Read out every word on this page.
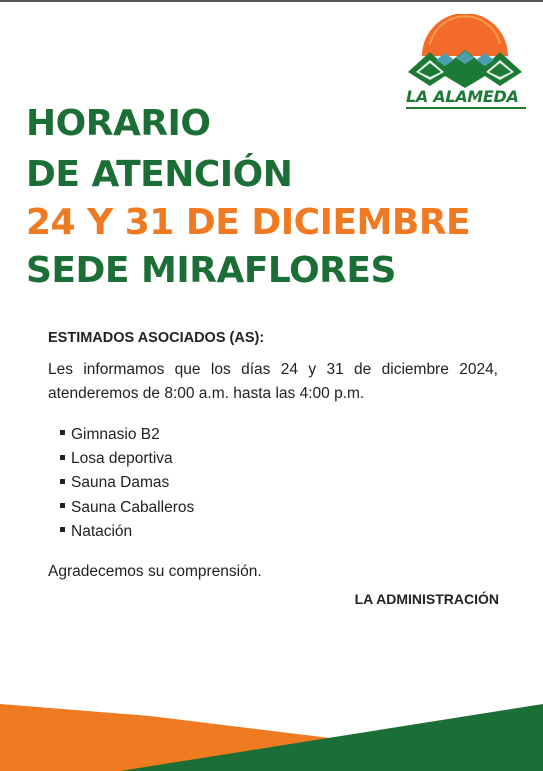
LA ALAMEDA
HORARIO
DE ATENCIÓN
24 Y 31 DE DICIEMBRE
SEDE MIRAFLORES
ESTIMADOS ASOCIADOS (AS):
Les informamos que los días 24 y 31 de diciembre 2024,
atenderemos de 8:00 a.m. hasta las 4:00 p.m.
Gimnasio B2
Losa deportiva
Sauna Damas
Sauna Caballeros
Natación
Agradecemos su comprensión.
LA ADMINISTRACIÓN
